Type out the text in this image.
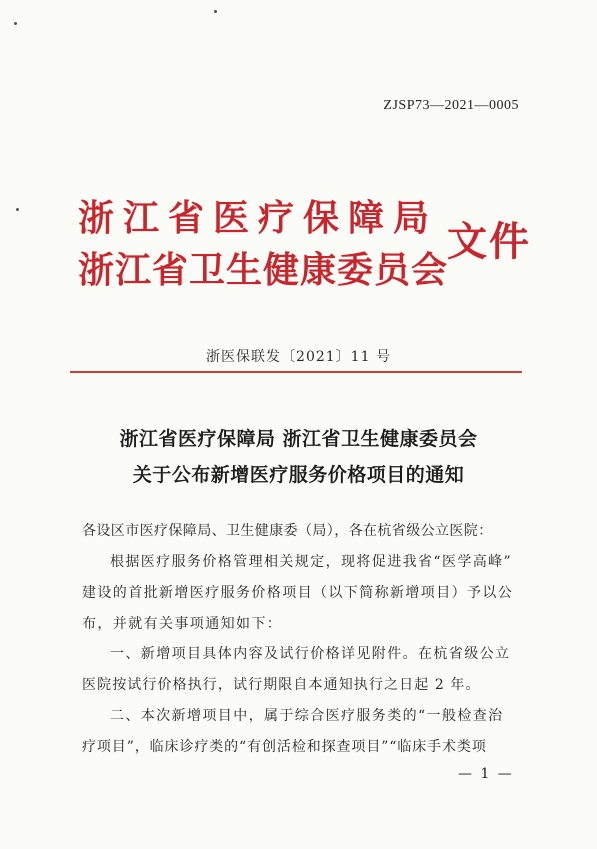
ZJSP73—2021—0005
浙江省医疗保障局
浙江省卫生健康委员会
文件
浙医保联发〔2021〕11 号
浙江省医疗保障局 浙江省卫生健康委员会
关于公布新增医疗服务价格项目的通知
各设区市医疗保障局、卫生健康委（局），各在杭省级公立医院：
根据医疗服务价格管理相关规定，现将促进我省“医学高峰”
建设的首批新增医疗服务价格项目（以下简称新增项目）予以公
布，并就有关事项通知如下：
一、新增项目具体内容及试行价格详见附件。在杭省级公立
医院按试行价格执行，试行期限自本通知执行之日起 2 年。
二、本次新增项目中，属于综合医疗服务类的“一般检查治
疗项目”，临床诊疗类的“有创活检和探查项目”“临床手术类项
— 1 —
